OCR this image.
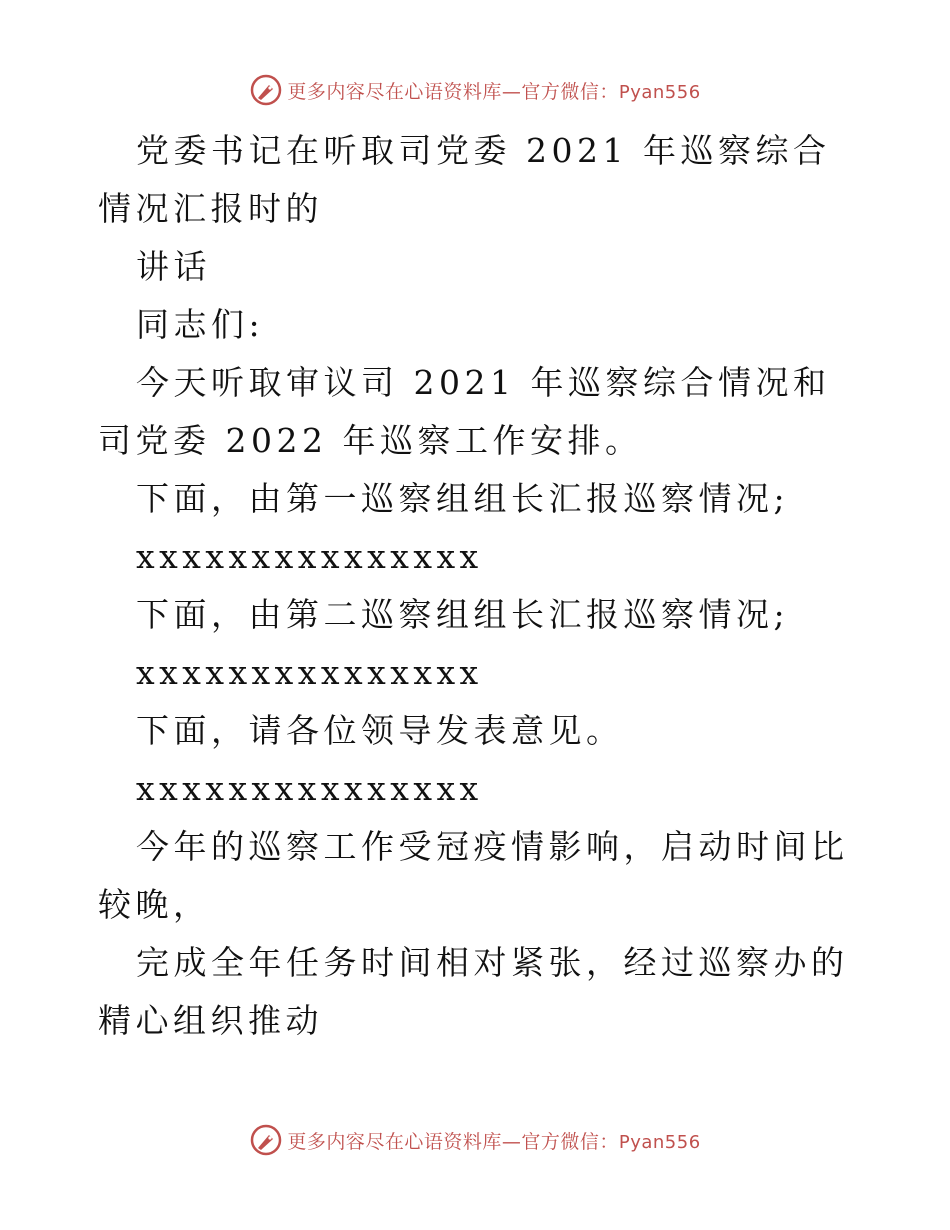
更多内容尽在心语资料库—官方微信：Pyan556

党委书记在听取司党委 2021 年巡察综合情况汇报时的

讲话

同志们:

今天听取审议司 2021 年巡察综合情况和司党委 2022 年巡察工作安排。

下面，由第一巡察组组长汇报巡察情况;

xxxxxxxxxxxxxxx

下面，由第二巡察组组长汇报巡察情况;

xxxxxxxxxxxxxxx

下面，请各位领导发表意见。

xxxxxxxxxxxxxxx

今年的巡察工作受冠疫情影响，启动时间比较晚，

完成全年任务时间相对紧张，经过巡察办的精心组织推动

更多内容尽在心语资料库—官方微信：Pyan556
